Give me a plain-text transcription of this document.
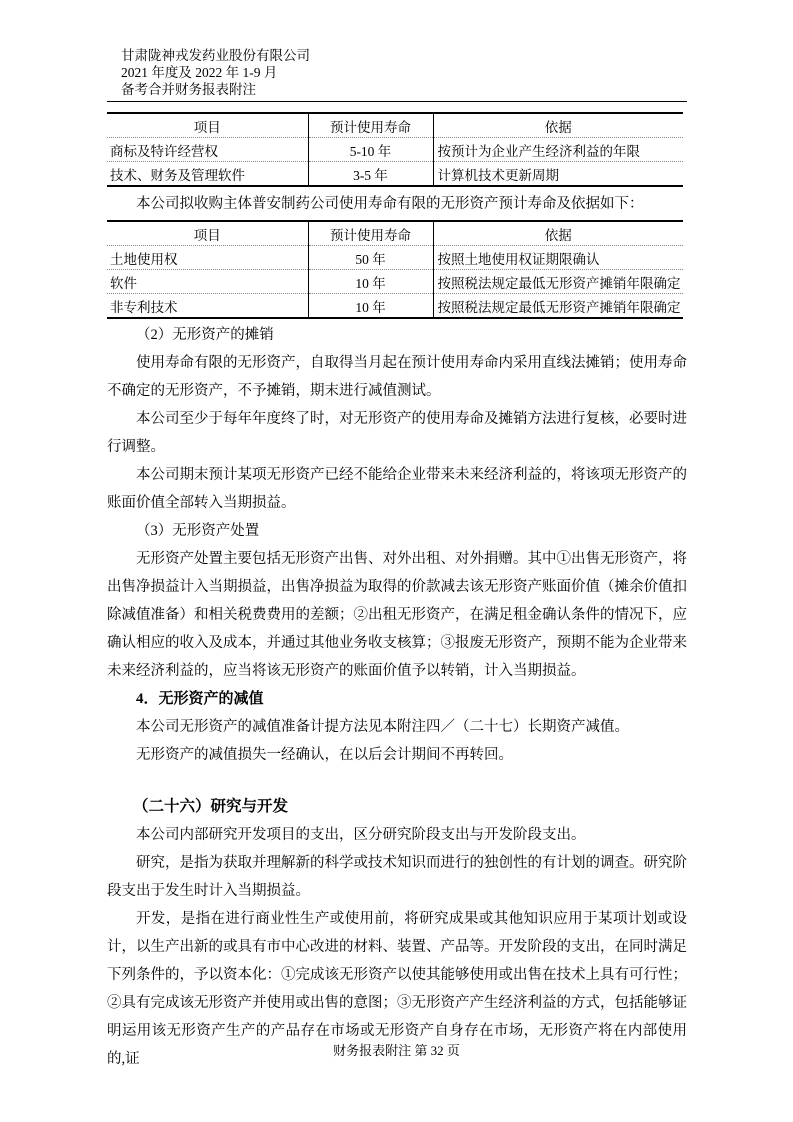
甘肃陇神戎发药业股份有限公司
2021 年度及 2022 年 1-9 月
备考合并财务报表附注
项目	预计使用寿命	依据
商标及特许经营权	5-10 年	按预计为企业产生经济利益的年限
技术、财务及管理软件	3-5 年	计算机技术更新周期

本公司拟收购主体普安制药公司使用寿命有限的无形资产预计寿命及依据如下：

项目	预计使用寿命	依据
土地使用权	50 年	按照土地使用权证期限确认
软件	10 年	按照税法规定最低无形资产摊销年限确定
非专利技术	10 年	按照税法规定最低无形资产摊销年限确定

（2）无形资产的摊销

使用寿命有限的无形资产，自取得当月起在预计使用寿命内采用直线法摊销；使用寿命不确定的无形资产，不予摊销，期末进行减值测试。

本公司至少于每年年度终了时，对无形资产的使用寿命及摊销方法进行复核，必要时进行调整。

本公司期末预计某项无形资产已经不能给企业带来未来经济利益的，将该项无形资产的账面价值全部转入当期损益。

（3）无形资产处置

无形资产处置主要包括无形资产出售、对外出租、对外捐赠。其中①出售无形资产，将出售净损益计入当期损益，出售净损益为取得的价款减去该无形资产账面价值（摊余价值扣除减值准备）和相关税费费用的差额；②出租无形资产，在满足租金确认条件的情况下，应确认相应的收入及成本，并通过其他业务收支核算；③报废无形资产，预期不能为企业带来未来经济利益的，应当将该无形资产的账面价值予以转销，计入当期损益。

4．无形资产的减值

本公司无形资产的减值准备计提方法见本附注四／（二十七）长期资产减值。

无形资产的减值损失一经确认，在以后会计期间不再转回。

（二十六）研究与开发

本公司内部研究开发项目的支出，区分研究阶段支出与开发阶段支出。

研究，是指为获取并理解新的科学或技术知识而进行的独创性的有计划的调查。研究阶段支出于发生时计入当期损益。

开发，是指在进行商业性生产或使用前，将研究成果或其他知识应用于某项计划或设计，以生产出新的或具有市中心改进的材料、装置、产品等。开发阶段的支出，在同时满足下列条件的，予以资本化：①完成该无形资产以使其能够使用或出售在技术上具有可行性；②具有完成该无形资产并使用或出售的意图；③无形资产产生经济利益的方式，包括能够证明运用该无形资产生产的产品存在市场或无形资产自身存在市场，无形资产将在内部使用的,证

财务报表附注 第 32 页
